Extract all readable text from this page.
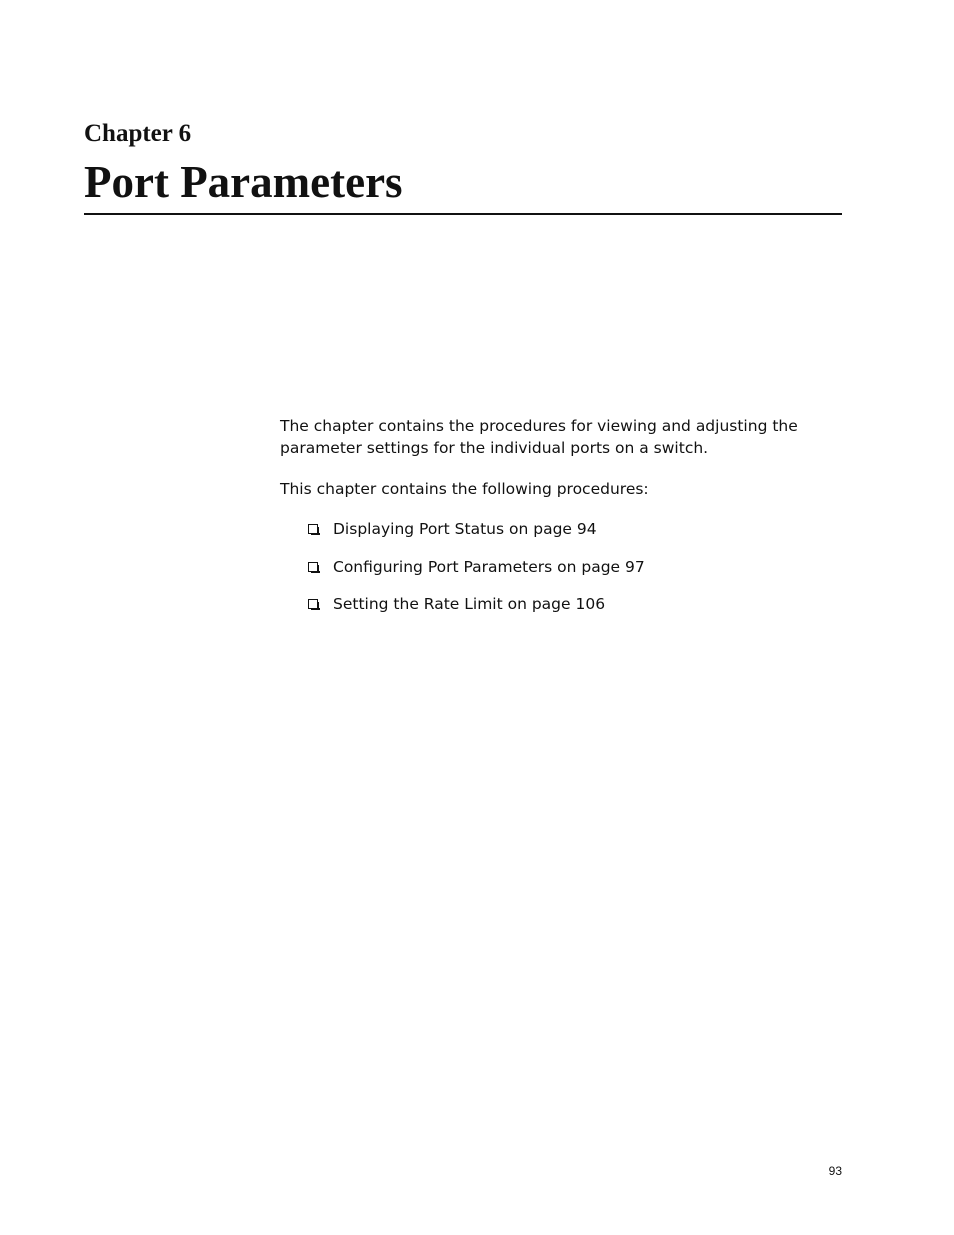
Chapter 6
Port Parameters

The chapter contains the procedures for viewing and adjusting the parameter settings for the individual ports on a switch.

This chapter contains the following procedures:

Displaying Port Status on page 94
Configuring Port Parameters on page 97
Setting the Rate Limit on page 106

93
